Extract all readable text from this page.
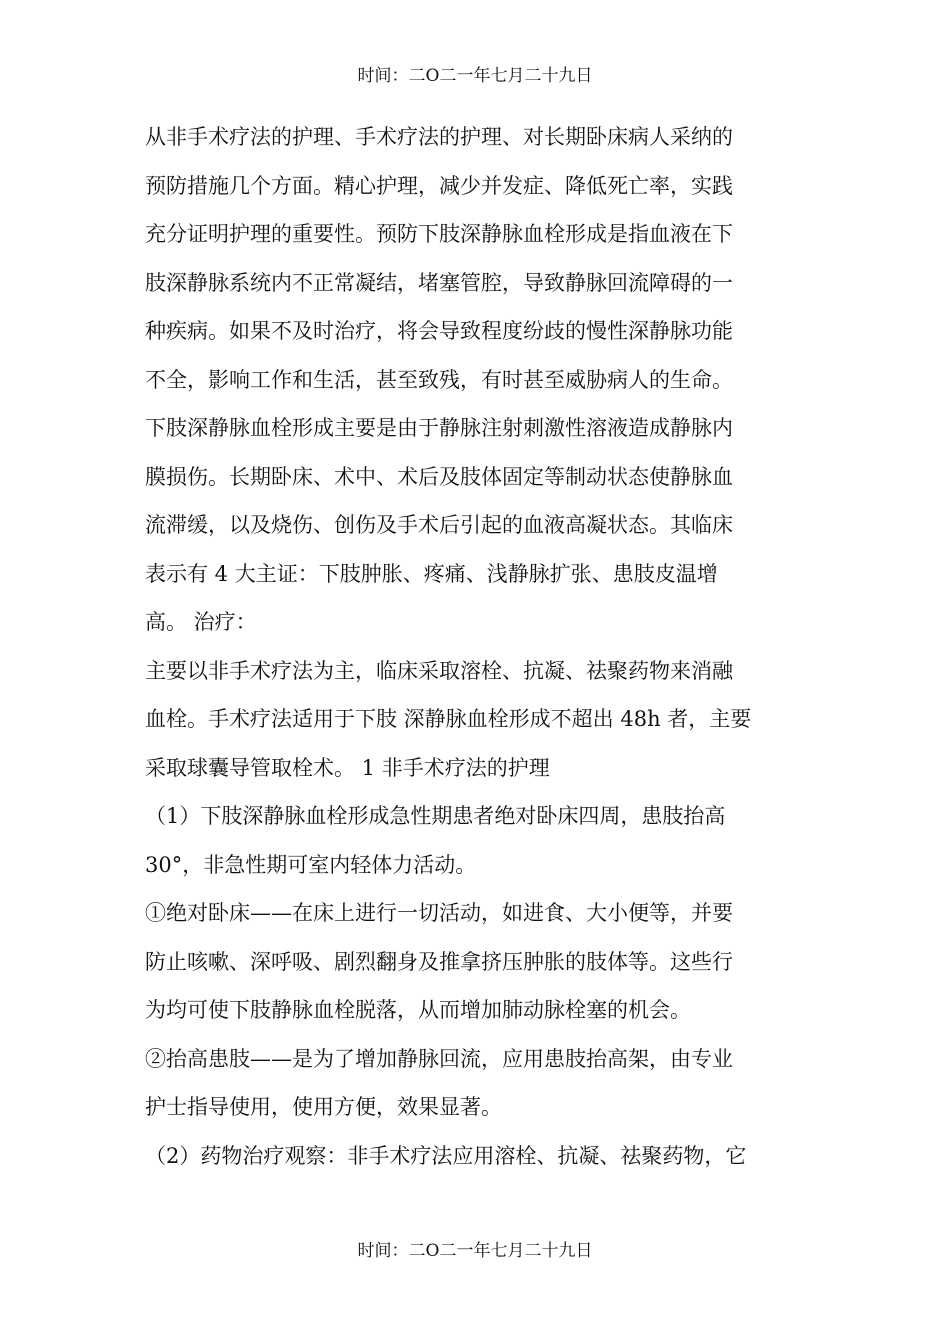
时间：二O二一年七月二十九日
从非手术疗法的护理、手术疗法的护理、对长期卧床病人采纳的
预防措施几个方面。精心护理，减少并发症、降低死亡率，实践
充分证明护理的重要性。预防下肢深静脉血栓形成是指血液在下
肢深静脉系统内不正常凝结，堵塞管腔，导致静脉回流障碍的一
种疾病。如果不及时治疗，将会导致程度纷歧的慢性深静脉功能
不全，影响工作和生活，甚至致残，有时甚至威胁病人的生命。
下肢深静脉血栓形成主要是由于静脉注射刺激性溶液造成静脉内
膜损伤。长期卧床、术中、术后及肢体固定等制动状态使静脉血
流滞缓，以及烧伤、创伤及手术后引起的血液高凝状态。其临床
表示有 4 大主证：下肢肿胀、疼痛、浅静脉扩张、患肢皮温增
高。 治疗：
主要以非手术疗法为主，临床采取溶栓、抗凝、祛聚药物来消融
血栓。手术疗法适用于下肢 深静脉血栓形成不超出 48h 者，主要
采取球囊导管取栓术。 1 非手术疗法的护理
（1）下肢深静脉血栓形成急性期患者绝对卧床四周，患肢抬高
30°，非急性期可室内轻体力活动。
①绝对卧床——在床上进行一切活动，如进食、大小便等，并要
防止咳嗽、深呼吸、剧烈翻身及推拿挤压肿胀的肢体等。这些行
为均可使下肢静脉血栓脱落，从而增加肺动脉栓塞的机会。
②抬高患肢——是为了增加静脉回流，应用患肢抬高架，由专业
护士指导使用，使用方便，效果显著。
（2）药物治疗观察：非手术疗法应用溶栓、抗凝、祛聚药物，它
时间：二O二一年七月二十九日
